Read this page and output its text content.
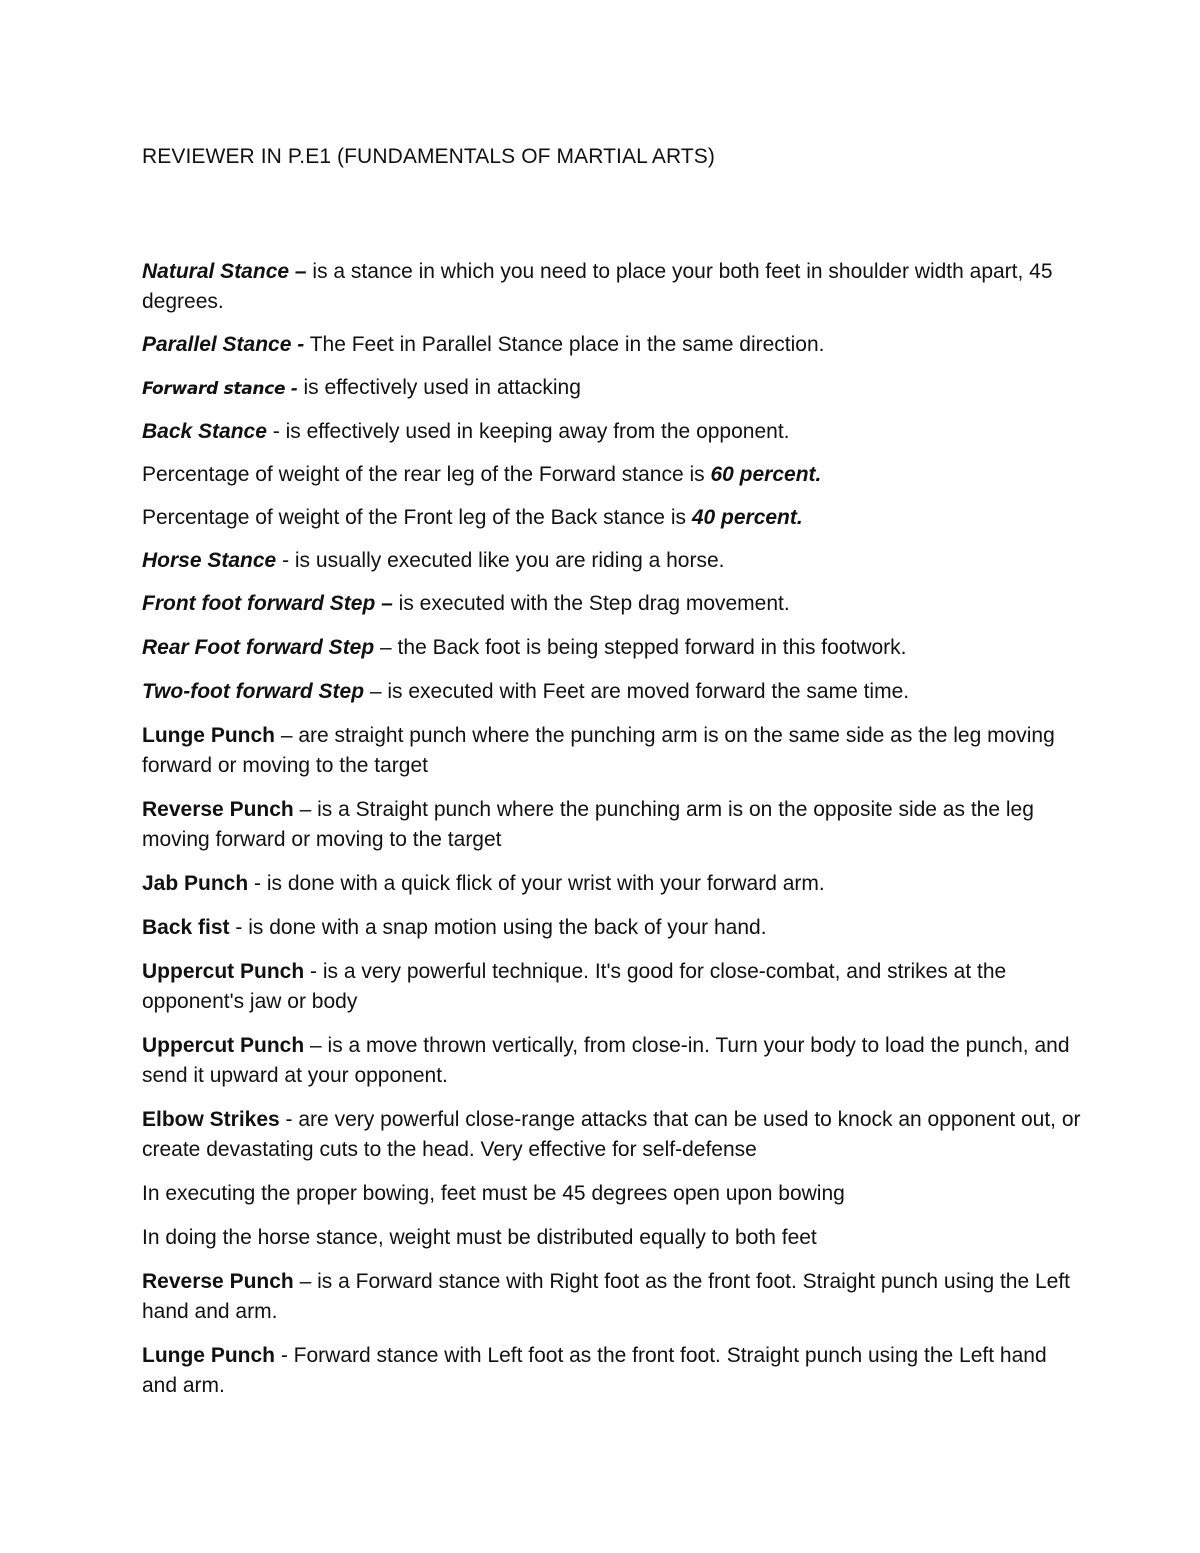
REVIEWER IN P.E1 (FUNDAMENTALS OF MARTIAL ARTS)

Natural Stance – is a stance in which you need to place your both feet in shoulder width apart, 45 degrees.

Parallel Stance - The Feet in Parallel Stance place in the same direction.

Forward stance - is effectively used in attacking

Back Stance - is effectively used in keeping away from the opponent.

Percentage of weight of the rear leg of the Forward stance is 60 percent.

Percentage of weight of the Front leg of the Back stance is 40 percent.

Horse Stance - is usually executed like you are riding a horse.

Front foot forward Step – is executed with the Step drag movement.

Rear Foot forward Step – the Back foot is being stepped forward in this footwork.

Two-foot forward Step – is executed with Feet are moved forward the same time.

Lunge Punch – are straight punch where the punching arm is on the same side as the leg moving forward or moving to the target

Reverse Punch – is a Straight punch where the punching arm is on the opposite side as the leg moving forward or moving to the target

Jab Punch - is done with a quick flick of your wrist with your forward arm.

Back fist - is done with a snap motion using the back of your hand.

Uppercut Punch - is a very powerful technique. It's good for close-combat, and strikes at the opponent's jaw or body

Uppercut Punch – is a move thrown vertically, from close-in. Turn your body to load the punch, and send it upward at your opponent.

Elbow Strikes - are very powerful close-range attacks that can be used to knock an opponent out, or create devastating cuts to the head. Very effective for self-defense

In executing the proper bowing, feet must be 45 degrees open upon bowing

In doing the horse stance, weight must be distributed equally to both feet

Reverse Punch – is a Forward stance with Right foot as the front foot. Straight punch using the Left hand and arm.

Lunge Punch - Forward stance with Left foot as the front foot. Straight punch using the Left hand and arm.
